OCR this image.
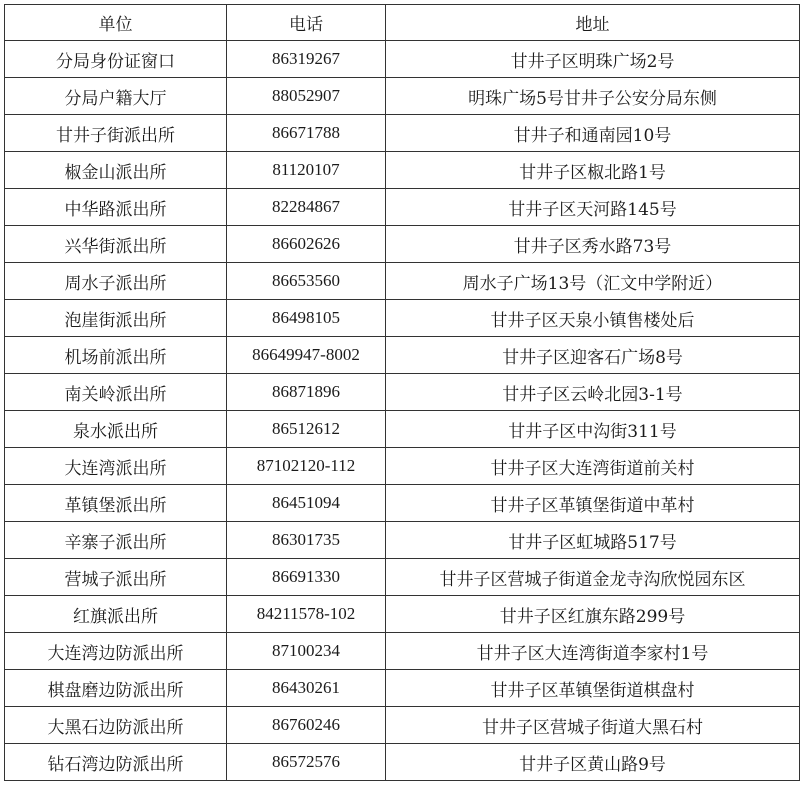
单位	电话	地址
分局身份证窗口	86319267	甘井子区明珠广场2号
分局户籍大厅	88052907	明珠广场5号甘井子公安分局东侧
甘井子街派出所	86671788	甘井子和通南园10号
椒金山派出所	81120107	甘井子区椒北路1号
中华路派出所	82284867	甘井子区天河路145号
兴华街派出所	86602626	甘井子区秀水路73号
周水子派出所	86653560	周水子广场13号（汇文中学附近）
泡崖街派出所	86498105	甘井子区天泉小镇售楼处后
机场前派出所	86649947-8002	甘井子区迎客石广场8号
南关岭派出所	86871896	甘井子区云岭北园3-1号
泉水派出所	86512612	甘井子区中沟街311号
大连湾派出所	87102120-112	甘井子区大连湾街道前关村
革镇堡派出所	86451094	甘井子区革镇堡街道中革村
辛寨子派出所	86301735	甘井子区虹城路517号
营城子派出所	86691330	甘井子区营城子街道金龙寺沟欣悦园东区
红旗派出所	84211578-102	甘井子区红旗东路299号
大连湾边防派出所	87100234	甘井子区大连湾街道李家村1号
棋盘磨边防派出所	86430261	甘井子区革镇堡街道棋盘村
大黑石边防派出所	86760246	甘井子区营城子街道大黑石村
钻石湾边防派出所	86572576	甘井子区黄山路9号
